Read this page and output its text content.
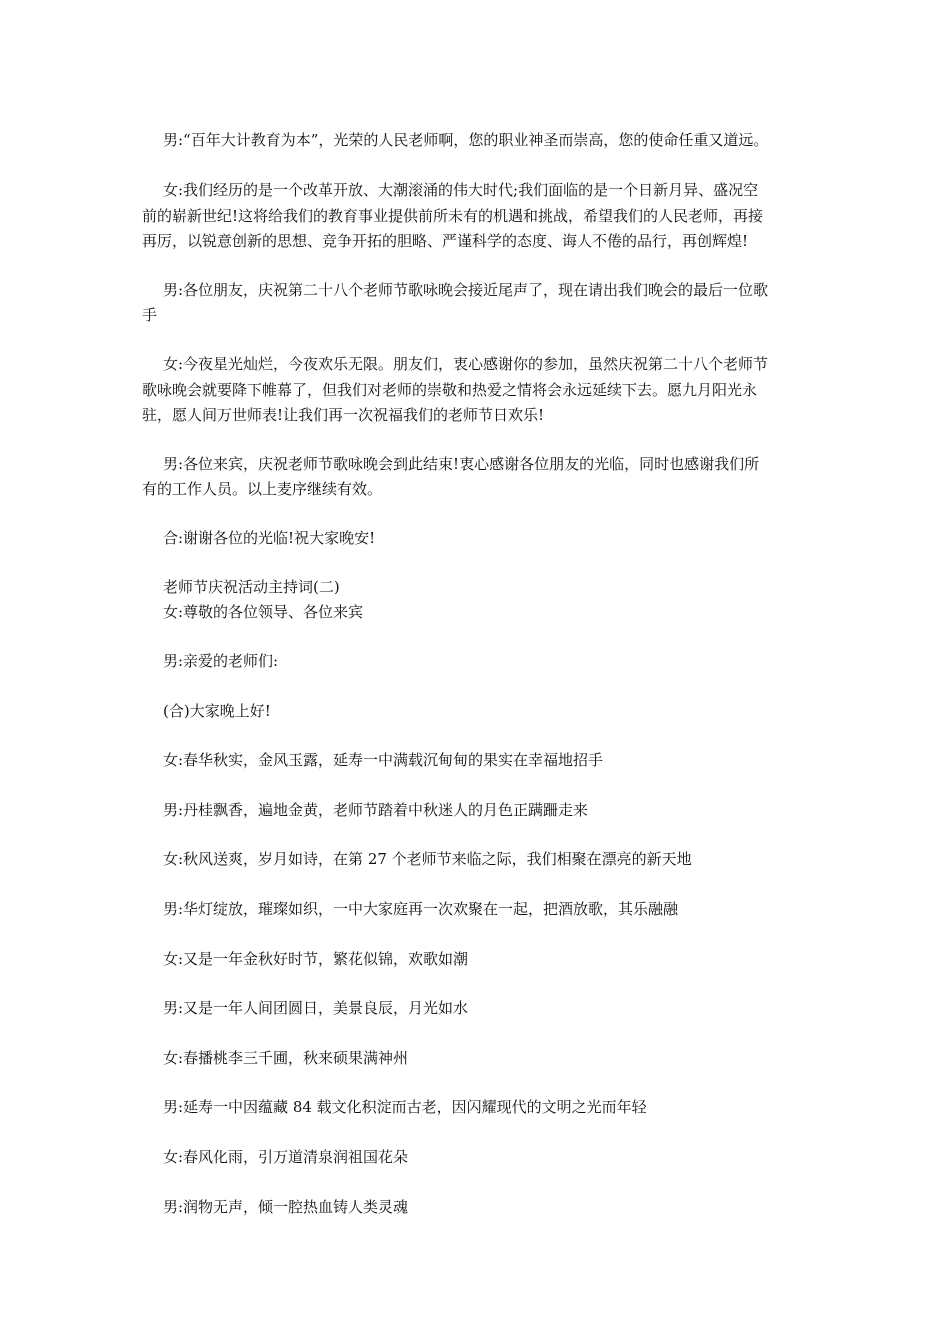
男:“百年大计教育为本”，光荣的人民老师啊，您的职业神圣而崇高，您的使命任重又道远。
女:我们经历的是一个改革开放、大潮滚涌的伟大时代;我们面临的是一个日新月异、盛况空
前的崭新世纪!这将给我们的教育事业提供前所未有的机遇和挑战，希望我们的人民老师，再接
再厉，以锐意创新的思想、竞争开拓的胆略、严谨科学的态度、诲人不倦的品行，再创辉煌!
男:各位朋友，庆祝第二十八个老师节歌咏晚会接近尾声了，现在请出我们晚会的最后一位歌
手
女:今夜星光灿烂，今夜欢乐无限。朋友们，衷心感谢你的参加，虽然庆祝第二十八个老师节
歌咏晚会就要降下帷幕了，但我们对老师的崇敬和热爱之情将会永远延续下去。愿九月阳光永
驻，愿人间万世师表!让我们再一次祝福我们的老师节日欢乐!
男:各位来宾，庆祝老师节歌咏晚会到此结束!衷心感谢各位朋友的光临，同时也感谢我们所
有的工作人员。以上麦序继续有效。
合:谢谢各位的光临!祝大家晚安!
老师节庆祝活动主持词(二)
女:尊敬的各位领导、各位来宾
男:亲爱的老师们:
(合)大家晚上好!
女:春华秋实，金风玉露，延寿一中满载沉甸甸的果实在幸福地招手
男:丹桂飘香，遍地金黄，老师节踏着中秋迷人的月色正蹒跚走来
女:秋风送爽，岁月如诗，在第 27 个老师节来临之际，我们相聚在漂亮的新天地
男:华灯绽放，璀璨如织，一中大家庭再一次欢聚在一起，把酒放歌，其乐融融
女:又是一年金秋好时节，繁花似锦，欢歌如潮
男:又是一年人间团圆日，美景良辰，月光如水
女:春播桃李三千圃，秋来硕果满神州
男:延寿一中因蕴藏 84 载文化积淀而古老，因闪耀现代的文明之光而年轻
女:春风化雨，引万道清泉润祖国花朵
男:润物无声，倾一腔热血铸人类灵魂
